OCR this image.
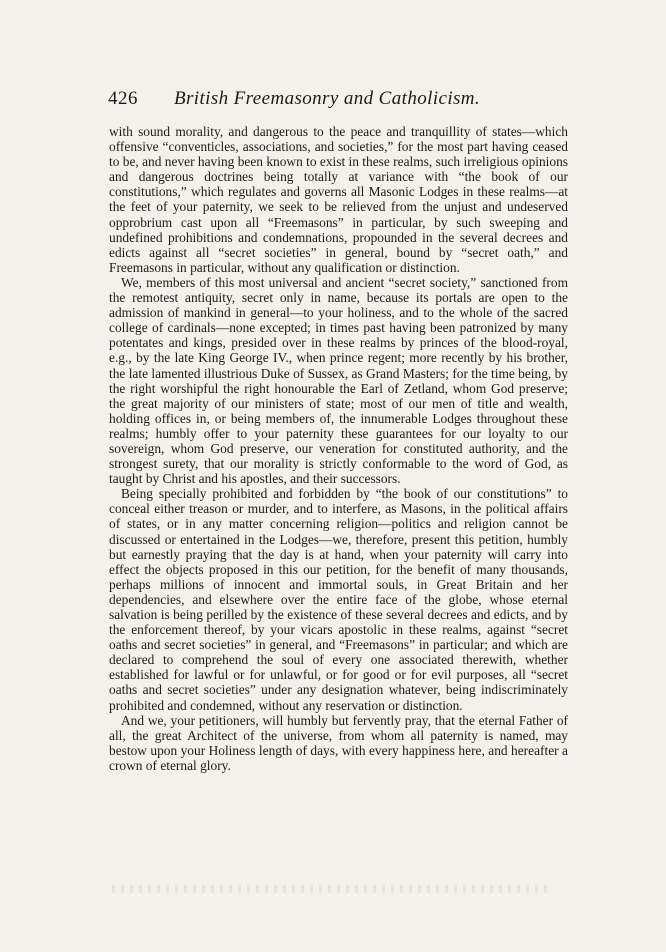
426 British Freemasonry and Catholicism.

with sound morality, and dangerous to the peace and tranquillity of states—which offensive “conventicles, associations, and societies,” for the most part having ceased to be, and never having been known to exist in these realms, such irreligious opinions and dangerous doctrines being totally at variance with “the book of our constitutions,” which regulates and governs all Masonic Lodges in these realms—at the feet of your paternity, we seek to be relieved from the unjust and undeserved opprobrium cast upon all “Freemasons” in particular, by such sweeping and undefined prohibitions and condemnations, propounded in the several decrees and edicts against all “secret societies” in general, bound by “secret oath,” and Freemasons in particular, without any qualification or distinction.

We, members of this most universal and ancient “secret society,” sanctioned from the remotest antiquity, secret only in name, because its portals are open to the admission of mankind in general—to your holiness, and to the whole of the sacred college of cardinals—none excepted; in times past having been patronized by many potentates and kings, presided over in these realms by princes of the blood-royal, e.g., by the late King George IV., when prince regent; more recently by his brother, the late lamented illustrious Duke of Sussex, as Grand Masters; for the time being, by the right worshipful the right honourable the Earl of Zetland, whom God preserve; the great majority of our ministers of state; most of our men of title and wealth, holding offices in, or being members of, the innumerable Lodges throughout these realms; humbly offer to your paternity these guarantees for our loyalty to our sovereign, whom God preserve, our veneration for constituted authority, and the strongest surety, that our morality is strictly conformable to the word of God, as taught by Christ and his apostles, and their successors.

Being specially prohibited and forbidden by “the book of our constitutions” to conceal either treason or murder, and to interfere, as Masons, in the political affairs of states, or in any matter concerning religion—politics and religion cannot be discussed or entertained in the Lodges—we, therefore, present this petition, humbly but earnestly praying that the day is at hand, when your paternity will carry into effect the objects proposed in this our petition, for the benefit of many thousands, perhaps millions of innocent and immortal souls, in Great Britain and her dependencies, and elsewhere over the entire face of the globe, whose eternal salvation is being perilled by the existence of these several decrees and edicts, and by the enforcement thereof, by your vicars apostolic in these realms, against “secret oaths and secret societies” in general, and “Freemasons” in particular; and which are declared to comprehend the soul of every one associated therewith, whether established for lawful or for unlawful, or for good or for evil purposes, all “secret oaths and secret societies” under any designation whatever, being indiscriminately prohibited and condemned, without any reservation or distinction.

And we, your petitioners, will humbly but fervently pray, that the eternal Father of all, the great Architect of the universe, from whom all paternity is named, may bestow upon your Holiness length of days, with every happiness here, and hereafter a crown of eternal glory.
